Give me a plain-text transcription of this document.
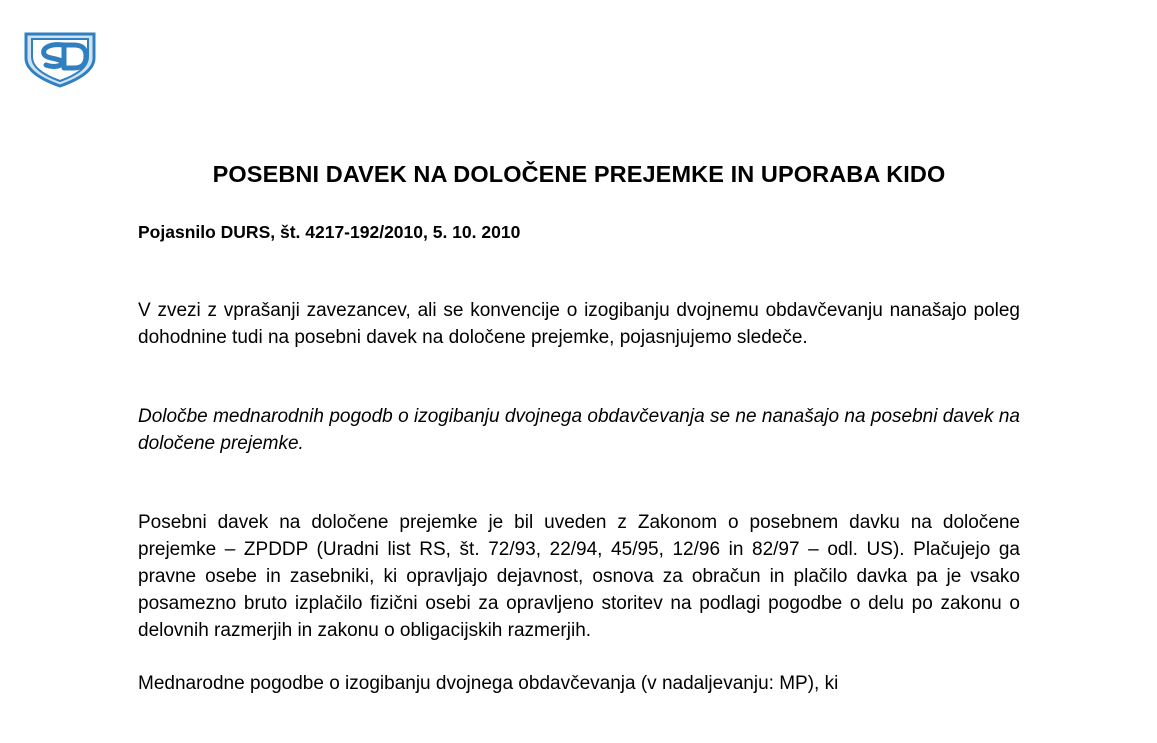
POSEBNI DAVEK NA DOLOČENE PREJEMKE IN UPORABA KIDO
Pojasnilo DURS, št. 4217-192/2010, 5. 10. 2010

V zvezi z vprašanji zavezancev, ali se konvencije o izogibanju dvojnemu obdavčevanju nanašajo poleg dohodnine tudi na posebni davek na določene prejemke, pojasnjujemo sledeče.

Določbe mednarodnih pogodb o izogibanju dvojnega obdavčevanja se ne nanašajo na posebni davek na določene prejemke.

Posebni davek na določene prejemke je bil uveden z Zakonom o posebnem davku na določene prejemke – ZPDDP (Uradni list RS, št. 72/93, 22/94, 45/95, 12/96 in 82/97 – odl. US). Plačujejo ga pravne osebe in zasebniki, ki opravljajo dejavnost, osnova za obračun in plačilo davka pa je vsako posamezno bruto izplačilo fizični osebi za opravljeno storitev na podlagi pogodbe o delu po zakonu o delovnih razmerjih in zakonu o obligacijskih razmerjih.

Mednarodne pogodbe o izogibanju dvojnega obdavčevanja (v nadaljevanju: MP), ki
